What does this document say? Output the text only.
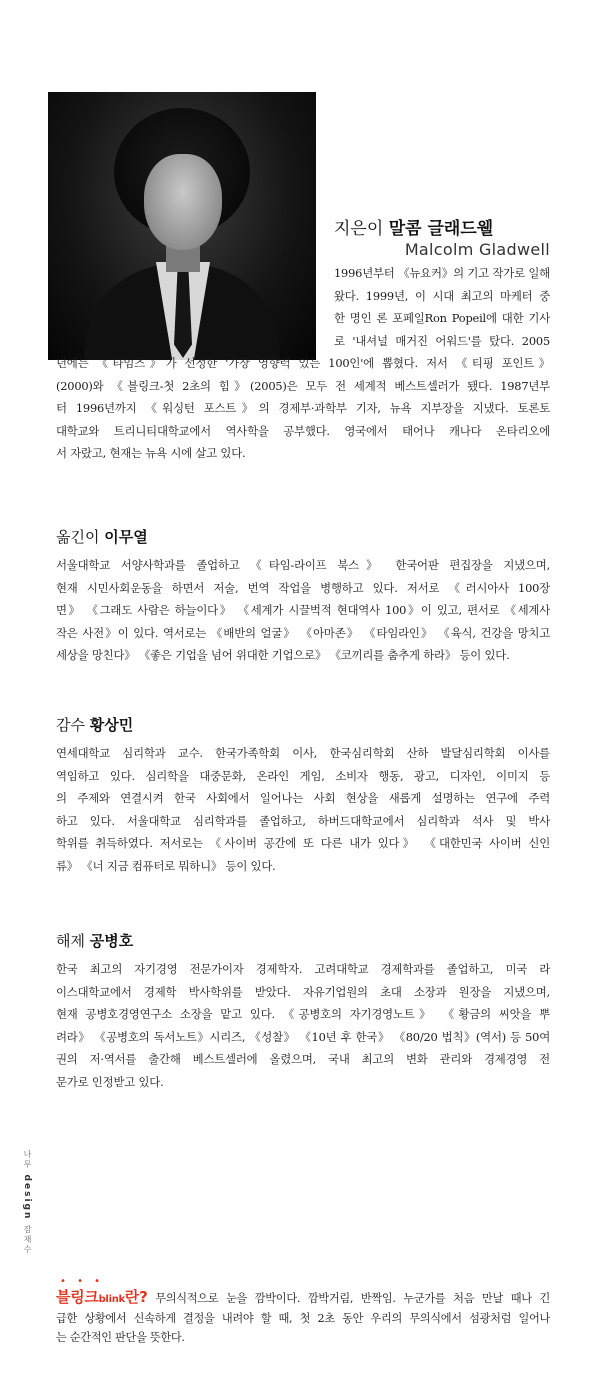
지은이 말콤 글래드웰
Malcolm Gladwell
1996년부터 《뉴요커》의 기고 작가로 일해
왔다. 1999년, 이 시대 최고의 마케터 중
한 명인 론 포페일Ron Popeil에 대한 기사
로 '내셔널 매거진 어워드'를 탔다. 2005
년에는 《타임즈》가 선정한 '가장 영향력 있는 100인'에 뽑혔다. 저서 《티핑 포인트》
(2000)와 《블링크-첫 2초의 힘》(2005)은 모두 전 세계적 베스트셀러가 됐다. 1987년부
터 1996년까지 《워싱턴 포스트》의 경제부·과학부 기자, 뉴욕 지부장을 지냈다. 토론토
대학교와 트리니티대학교에서 역사학을 공부했다. 영국에서 태어나 캐나다 온타리오에
서 자랐고, 현재는 뉴욕 시에 살고 있다.
옮긴이 이무열
서울대학교 서양사학과를 졸업하고 《타임-라이프 북스》 한국어판 편집장을 지냈으며,
현재 시민사회운동을 하면서 저술, 번역 작업을 병행하고 있다. 저서로 《러시아사 100장
면》 《그래도 사람은 하늘이다》 《세계가 시끌벅적 현대역사 100》이 있고, 편서로 《세계사
작은 사전》이 있다. 역서로는 《배반의 얼굴》 《아마존》 《타임라인》 《육식, 건강을 망치고
세상을 망친다》 《좋은 기업을 넘어 위대한 기업으로》 《코끼리를 춤추게 하라》 등이 있다.
감수 황상민
연세대학교 심리학과 교수. 한국가족학회 이사, 한국심리학회 산하 발달심리학회 이사를
역임하고 있다. 심리학을 대중문화, 온라인 게임, 소비자 행동, 광고, 디자인, 이미지 등
의 주제와 연결시켜 한국 사회에서 일어나는 사회 현상을 새롭게 설명하는 연구에 주력
하고 있다. 서울대학교 심리학과를 졸업하고, 하버드대학교에서 심리학과 석사 및 박사
학위를 취득하였다. 저서로는 《사이버 공간에 또 다른 내가 있다》 《대한민국 사이버 신인
류》 《너 지금 컴퓨터로 뭐하니》 등이 있다.
해제 공병호
한국 최고의 자기경영 전문가이자 경제학자. 고려대학교 경제학과를 졸업하고, 미국 라
이스대학교에서 경제학 박사학위를 받았다. 자유기업원의 초대 소장과 원장을 지냈으며,
현재 공병호경영연구소 소장을 맡고 있다. 《공병호의 자기경영노트》 《황금의 씨앗을 뿌
려라》 《공병호의 독서노트》시리즈, 《성찰》 《10년 후 한국》 《80/20 법칙》(역서) 등 50여
권의 저·역서를 출간해 베스트셀러에 올렸으며, 국내 최고의 변화 관리와 경제경영 전
문가로 인정받고 있다.
나무 design 잠재수
• • •
블링크blink란? 무의식적으로 눈을 깜박이다. 깜박거림, 반짝임. 누군가를 처음 만날 때나 긴
급한 상황에서 신속하게 결정을 내려야 할 때, 첫 2초 동안 우리의 무의식에서 섬광처럼 일어나
는 순간적인 판단을 뜻한다.
